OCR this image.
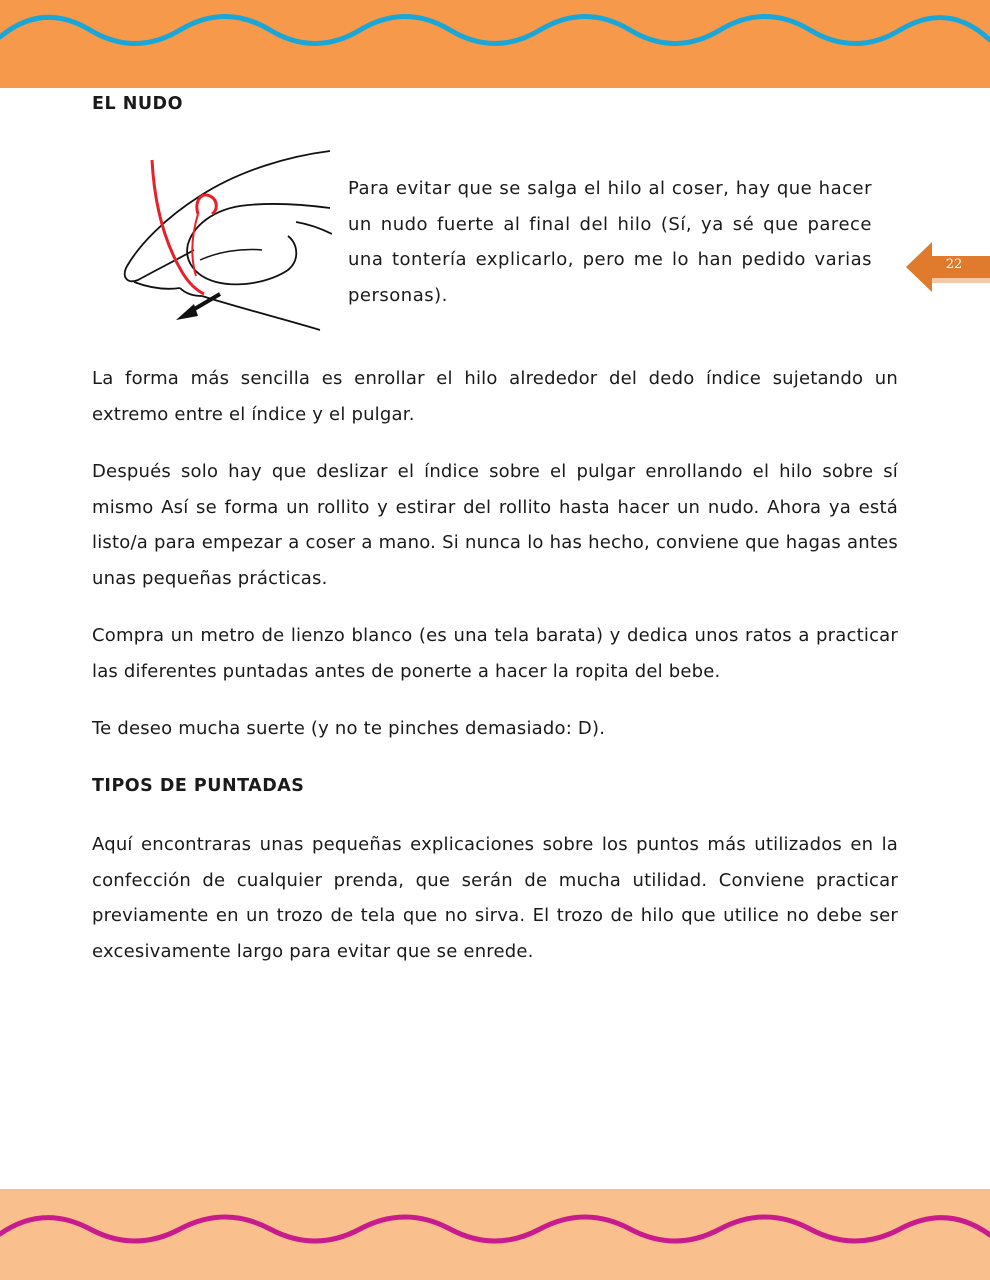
EL NUDO

Para evitar que se salga el hilo al coser, hay que hacer un nudo fuerte al final del hilo (Sí, ya sé que parece una tontería explicarlo, pero me lo han pedido varias personas).

22

La forma más sencilla es enrollar el hilo alrededor del dedo índice sujetando un extremo entre el índice y el pulgar.

Después solo hay que deslizar el índice sobre el pulgar enrollando el hilo sobre sí mismo Así se forma un rollito y estirar del rollito hasta hacer un nudo. Ahora ya está listo/a para empezar a coser a mano. Si nunca lo has hecho, conviene que hagas antes unas pequeñas prácticas.

Compra un metro de lienzo blanco (es una tela barata) y dedica unos ratos a practicar las diferentes puntadas antes de ponerte a hacer la ropita del bebe.

Te deseo mucha suerte (y no te pinches demasiado: D).

TIPOS DE PUNTADAS

Aquí encontraras unas pequeñas explicaciones sobre los puntos más utilizados en la confección de cualquier prenda, que serán de mucha utilidad. Conviene practicar previamente en un trozo de tela que no sirva. El trozo de hilo que utilice no debe ser excesivamente largo para evitar que se enrede.
